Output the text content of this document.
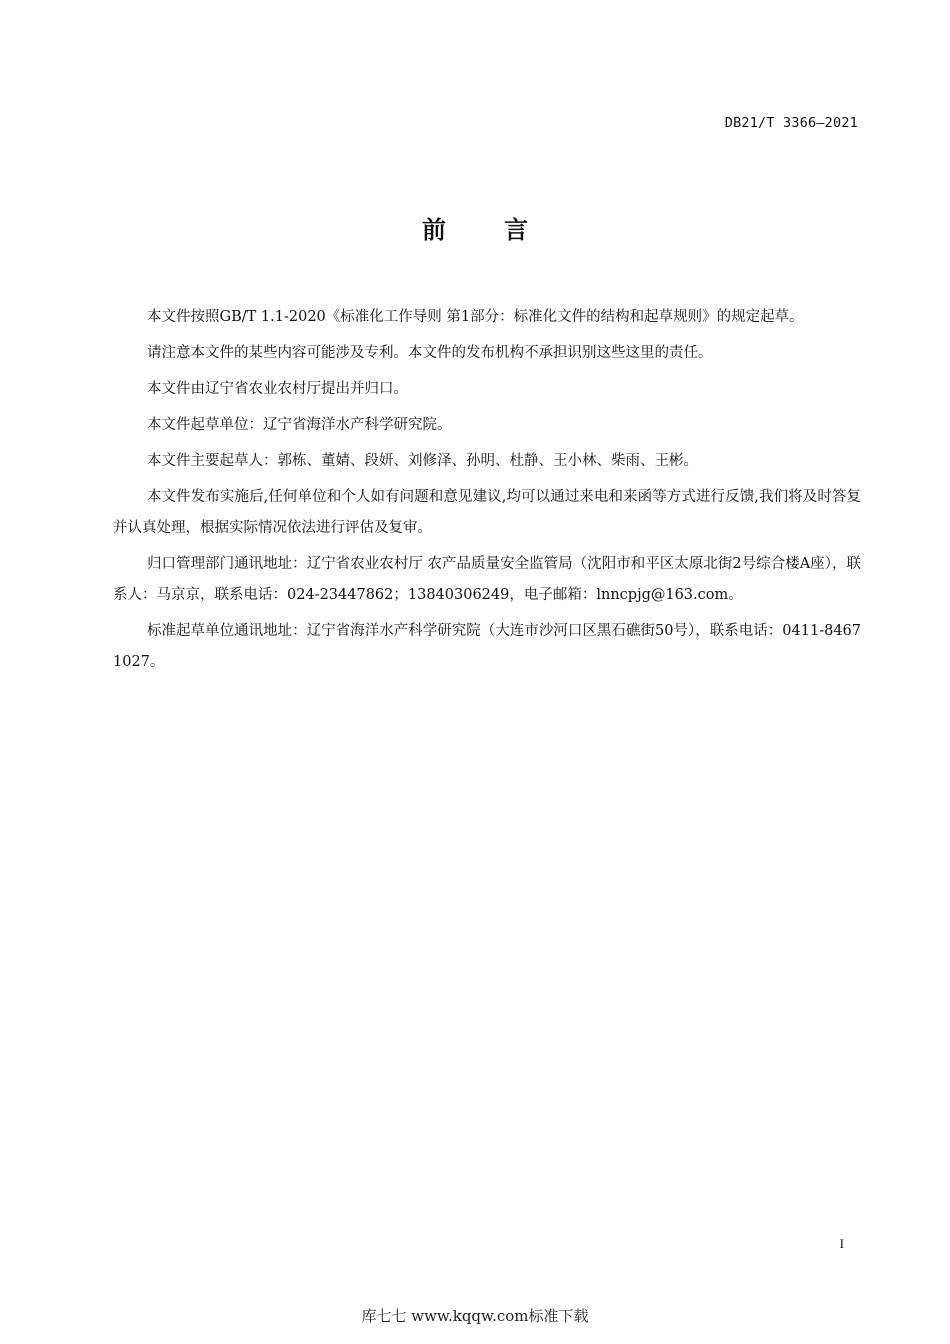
DB21/T 3366—2021
前 言

本文件按照GB/T 1.1-2020《标准化工作导则 第1部分：标准化文件的结构和起草规则》的规定起草。

请注意本文件的某些内容可能涉及专利。本文件的发布机构不承担识别这些这里的责任。

本文件由辽宁省农业农村厅提出并归口。

本文件起草单位：辽宁省海洋水产科学研究院。

本文件主要起草人：郭栋、董婧、段妍、刘修泽、孙明、杜静、王小林、柴雨、王彬。

本文件发布实施后,任何单位和个人如有问题和意见建议,均可以通过来电和来函等方式进行反馈,我们将及时答复并认真处理，根据实际情况依法进行评估及复审。

归口管理部门通讯地址：辽宁省农业农村厅 农产品质量安全监管局（沈阳市和平区太原北街2号综合楼A座），联系人：马京京，联系电话：024-23447862；13840306249，电子邮箱：lnncpjg@163.com。

标准起草单位通讯地址：辽宁省海洋水产科学研究院（大连市沙河口区黑石礁街50号），联系电话：0411-84671027。

I
库七七 www.kqqw.com标准下载
